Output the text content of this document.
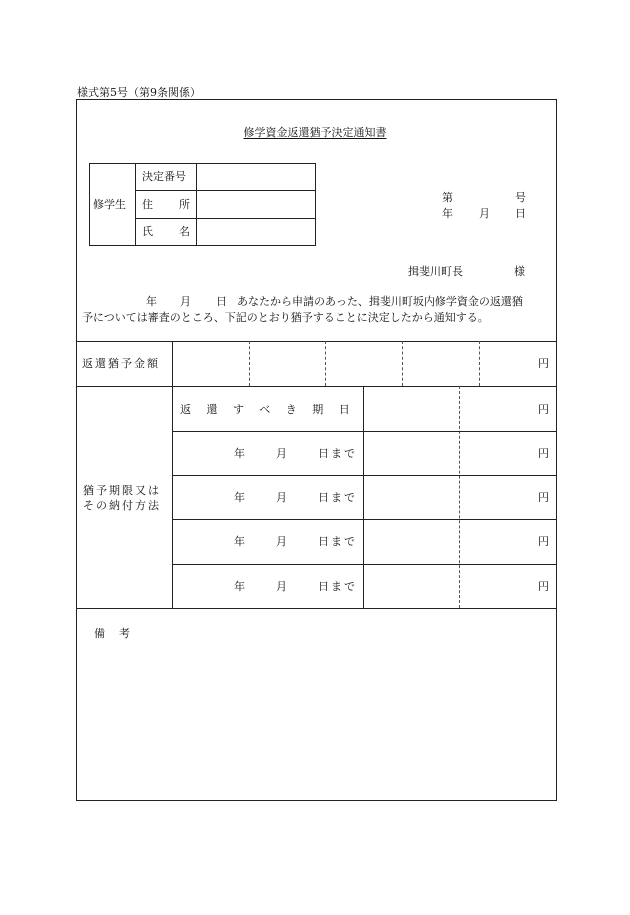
様式第5号（第9条関係）
修学資金返還猶予決定通知書
修学生
決定番号
住 所
氏 名
第	号
年 月 日
揖斐川町長	様
年 月 日 あなたから申請のあった、揖斐川町坂内修学資金の返還猶
予については審査のところ、下記のとおり猶予することに決定したから通知する。
返還猶予金額	円
猶予期限又は
その納付方法
返還すべき期日	円
年	月	日まで	円
年	月	日まで	円
年	月	日まで	円
年	月	日まで	円
備 考
